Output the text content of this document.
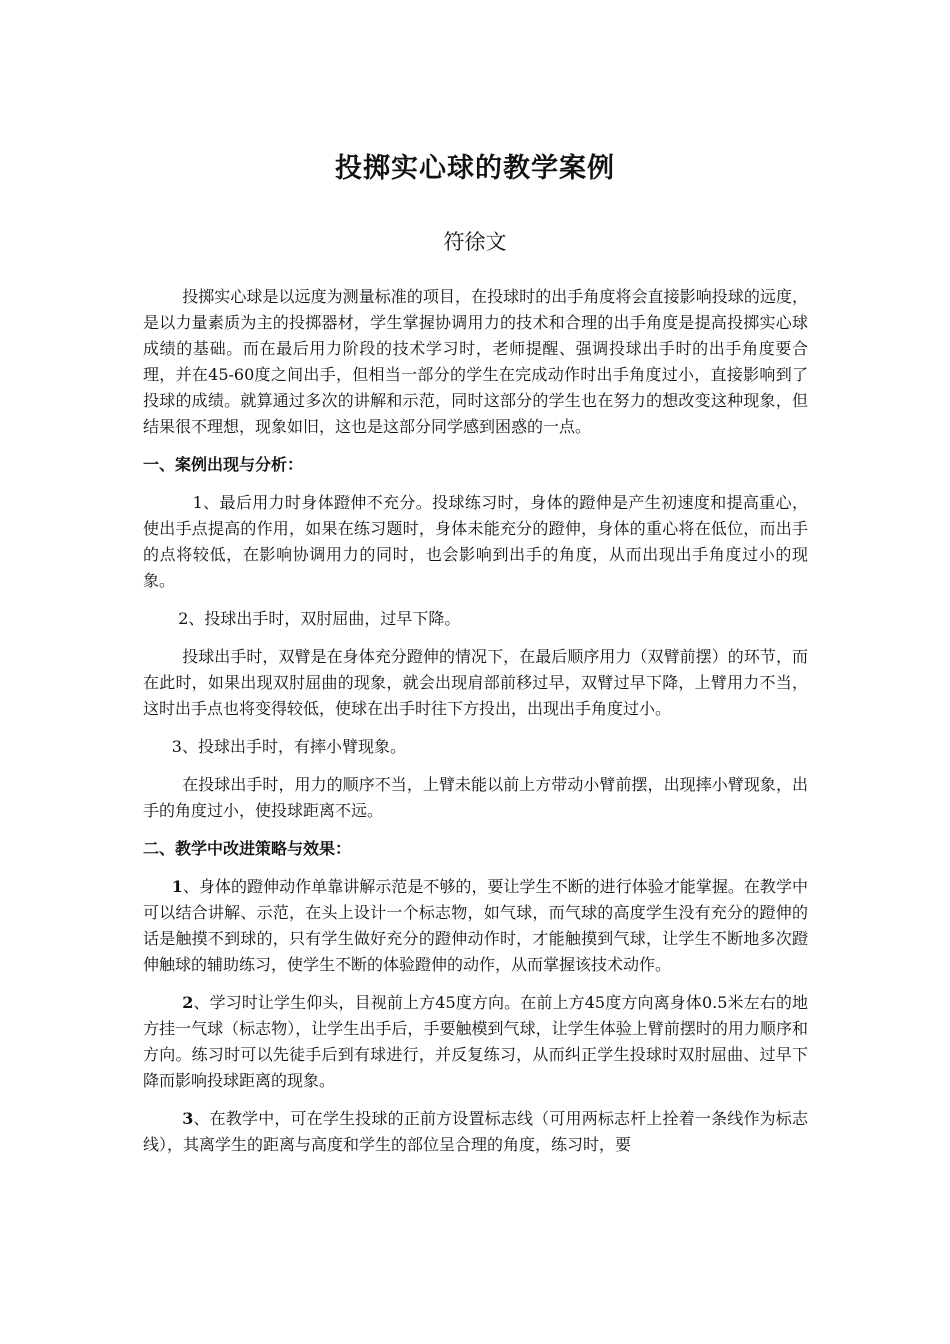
投掷实心球的教学案例
符徐文

投掷实心球是以远度为测量标准的项目，在投球时的出手角度将会直接影响投球的远度，是以力量素质为主的投掷器材，学生掌握协调用力的技术和合理的出手角度是提高投掷实心球成绩的基础。而在最后用力阶段的技术学习时，老师提醒、强调投球出手时的出手角度要合理，并在45-60度之间出手，但相当一部分的学生在完成动作时出手角度过小，直接影响到了投球的成绩。就算通过多次的讲解和示范，同时这部分的学生也在努力的想改变这种现象，但结果很不理想，现象如旧，这也是这部分同学感到困惑的一点。

一、案例出现与分析：

1、最后用力时身体蹬伸不充分。投球练习时，身体的蹬伸是产生初速度和提高重心，使出手点提高的作用，如果在练习题时，身体未能充分的蹬伸，身体的重心将在低位，而出手的点将较低，在影响协调用力的同时，也会影响到出手的角度，从而出现出手角度过小的现象。

2、投球出手时，双肘屈曲，过早下降。

投球出手时，双臂是在身体充分蹬伸的情况下，在最后顺序用力（双臂前摆）的环节，而在此时，如果出现双肘屈曲的现象，就会出现肩部前移过早，双臂过早下降，上臂用力不当，这时出手点也将变得较低，使球在出手时往下方投出，出现出手角度过小。

3、投球出手时，有摔小臂现象。

在投球出手时，用力的顺序不当，上臂未能以前上方带动小臂前摆，出现摔小臂现象，出手的角度过小，使投球距离不远。

二、教学中改进策略与效果：

1、身体的蹬伸动作单靠讲解示范是不够的，要让学生不断的进行体验才能掌握。在教学中可以结合讲解、示范，在头上设计一个标志物，如气球，而气球的高度学生没有充分的蹬伸的话是触摸不到球的，只有学生做好充分的蹬伸动作时，才能触摸到气球，让学生不断地多次蹬伸触球的辅助练习，使学生不断的体验蹬伸的动作，从而掌握该技术动作。

2、学习时让学生仰头，目视前上方45度方向。在前上方45度方向离身体0.5米左右的地方挂一气球（标志物），让学生出手后，手要触模到气球，让学生体验上臂前摆时的用力顺序和方向。练习时可以先徒手后到有球进行，并反复练习，从而纠正学生投球时双肘屈曲、过早下降而影响投球距离的现象。

3、在教学中，可在学生投球的正前方设置标志线（可用两标志杆上拴着一条线作为标志线），其离学生的距离与高度和学生的部位呈合理的角度，练习时，要
